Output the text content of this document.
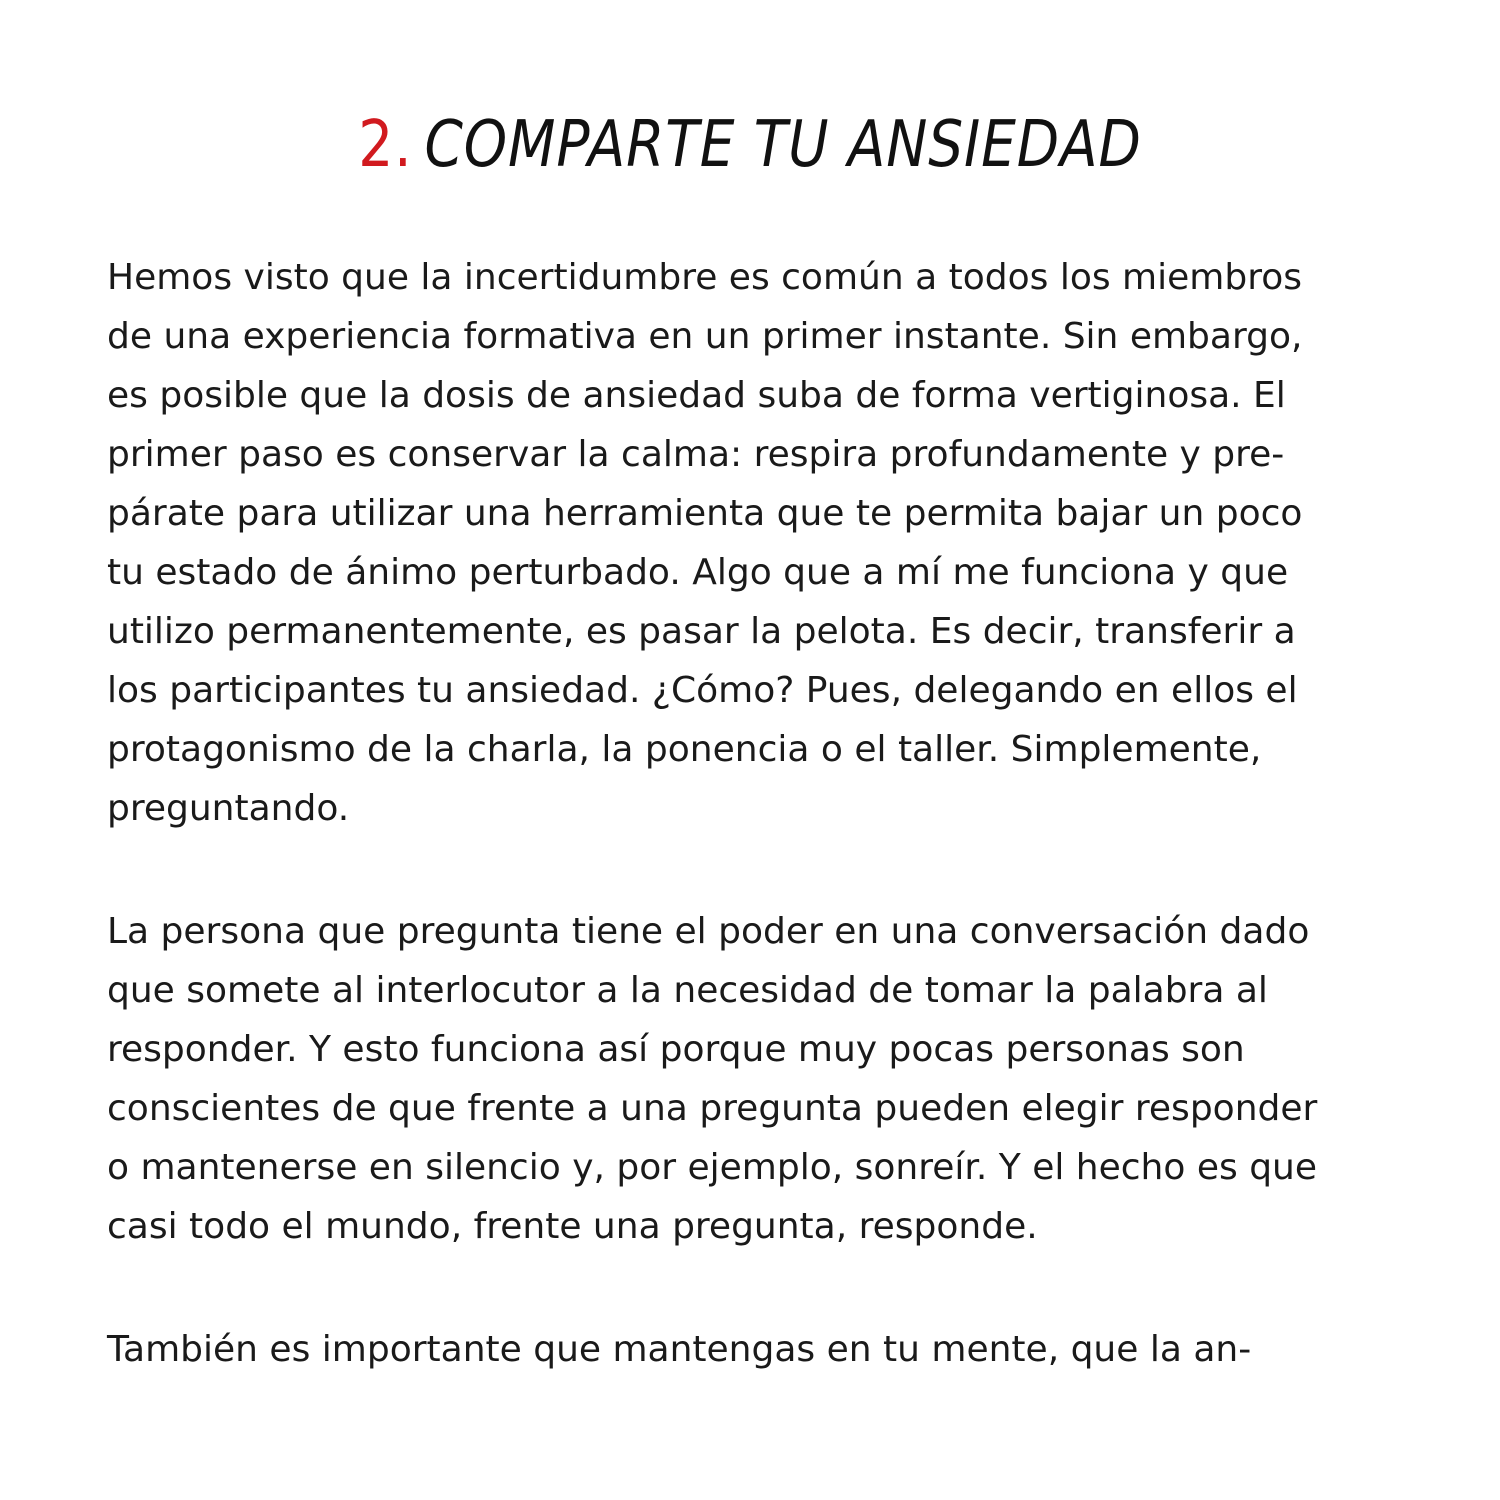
2. COMPARTE TU ANSIEDAD
Hemos visto que la incertidumbre es común a todos los miembros
de una experiencia formativa en un primer instante. Sin embargo,
es posible que la dosis de ansiedad suba de forma vertiginosa. El
primer paso es conservar la calma: respira profundamente y pre-
párate para utilizar una herramienta que te permita bajar un poco
tu estado de ánimo perturbado. Algo que a mí me funciona y que
utilizo permanentemente, es pasar la pelota. Es decir, transferir a
los participantes tu ansiedad. ¿Cómo? Pues, delegando en ellos el
protagonismo de la charla, la ponencia o el taller. Simplemente,
preguntando.
La persona que pregunta tiene el poder en una conversación dado
que somete al interlocutor a la necesidad de tomar la palabra al
responder. Y esto funciona así porque muy pocas personas son
conscientes de que frente a una pregunta pueden elegir responder
o mantenerse en silencio y, por ejemplo, sonreír. Y el hecho es que
casi todo el mundo, frente una pregunta, responde.
También es importante que mantengas en tu mente, que la an-
